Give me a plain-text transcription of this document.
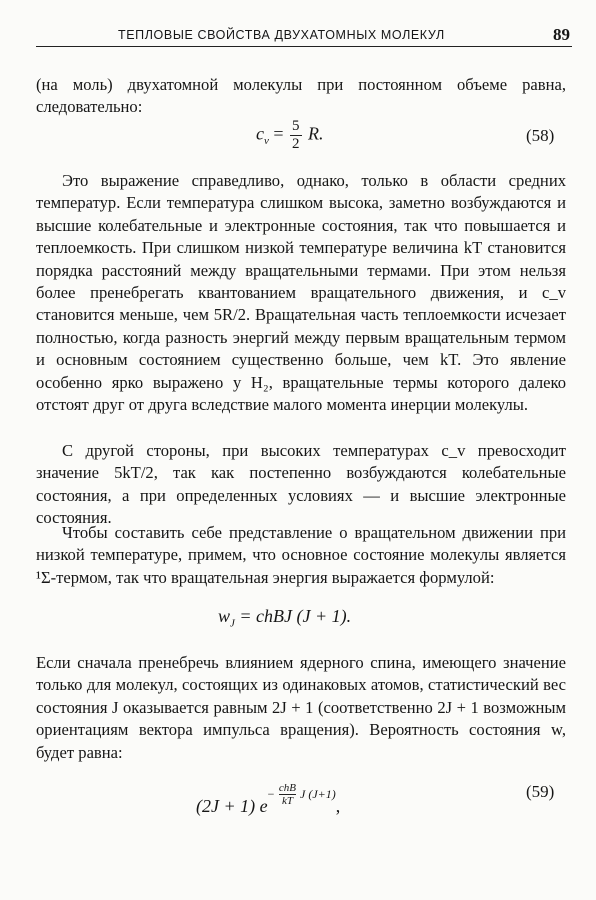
ТЕПЛОВЫЕ СВОЙСТВА ДВУХАТОМНЫХ МОЛЕКУЛ	89

(на моль) двухатомной молекулы при постоянном объеме равна, следовательно:

$c_v = \frac{5}{2} R$.	(58)

Это выражение справедливо, однако, только в области средних температур. Если температура слишком высока, заметно возбуждаются и высшие колебательные и электронные состояния, так что повышается и теплоемкость. При слишком низкой температуре величина kT становится порядка расстояний между вращательными термами. При этом нельзя более пренебрегать квантованием вращательного движения, и c_v становится меньше, чем 5R/2. Вращательная часть теплоемкости исчезает полностью, когда разность энергий между первым вращательным термом и основным состоянием существенно больше, чем kT. Это явление особенно ярко выражено у H₂, вращательные термы которого далеко отстоят друг от друга вследствие малого момента инерции молекулы.

С другой стороны, при высоких температурах c_v превосходит значение 5kT/2, так как постепенно возбуждаются колебательные состояния, а при определенных условиях — и высшие электронные состояния.

Чтобы составить себе представление о вращательном движении при низкой температуре, примем, что основное состояние молекулы является ¹Σ-термом, так что вращательная энергия выражается формулой:

$w_J$ = chBJ (J + 1).

Если сначала пренебречь влиянием ядерного спина, имеющего значение только для молекул, состоящих из одинаковых атомов, статистический вес состояния J оказывается равным 2J + 1 (соответственно 2J + 1 возможным ориентациям вектора импульса вращения). Вероятность состояния w, будет равна:

(2J + 1) $e^- \frac{\text{chB}}{kT} ^{J (J+1)}$,
(59)
